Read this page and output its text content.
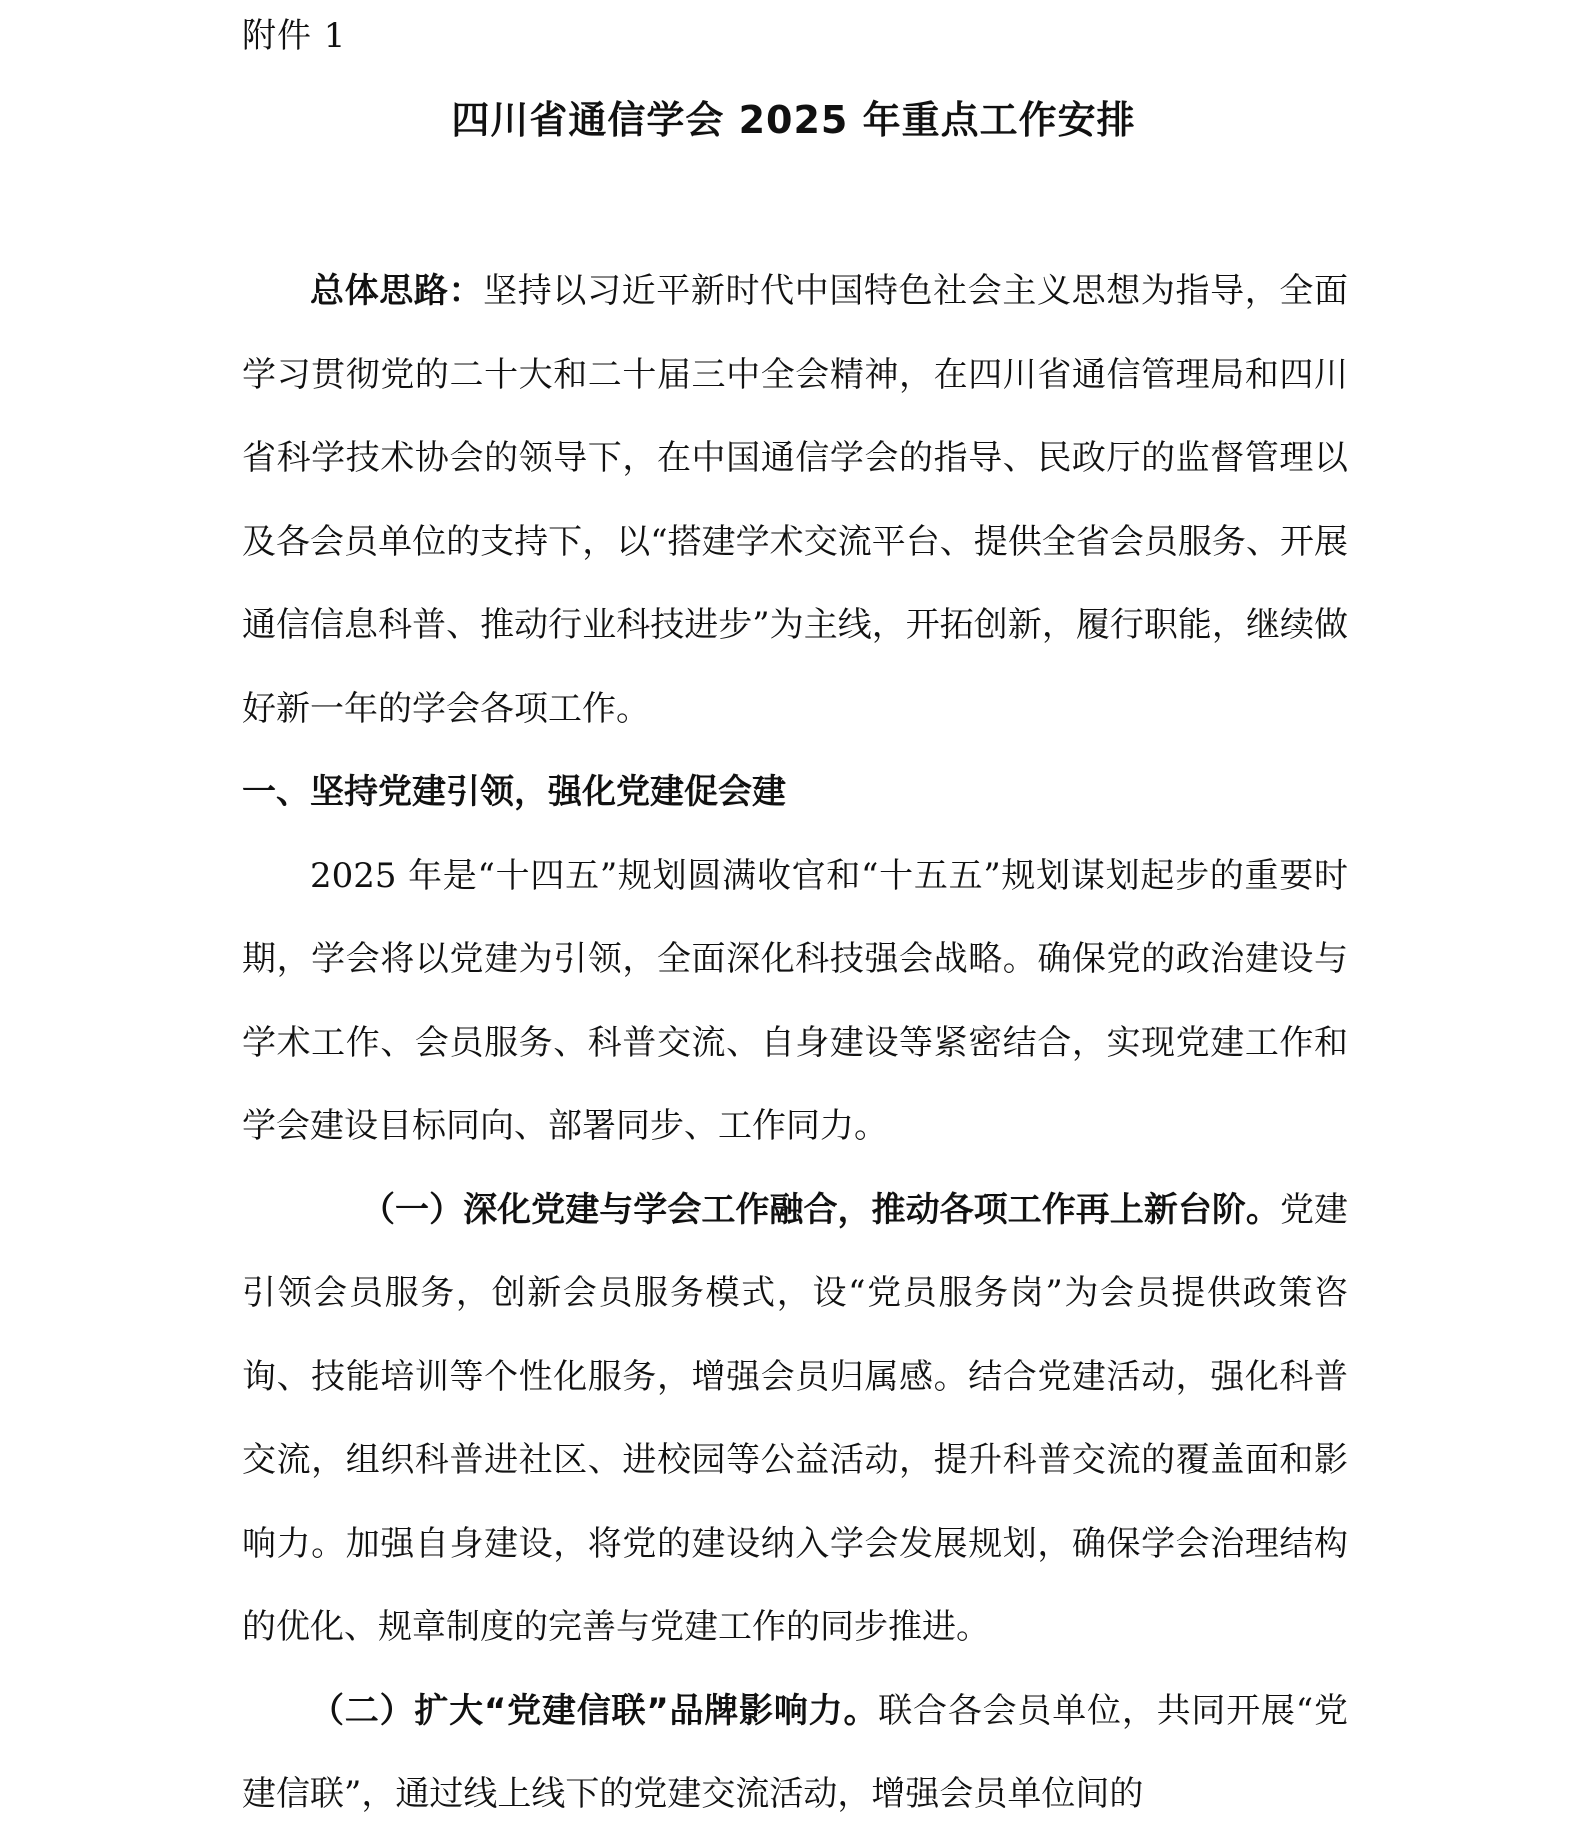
附件 1
四川省通信学会 2025 年重点工作安排

总体思路：坚持以习近平新时代中国特色社会主义思想为指导，全面学习贯彻党的二十大和二十届三中全会精神，在四川省通信管理局和四川省科学技术协会的领导下，在中国通信学会的指导、民政厅的监督管理以及各会员单位的支持下，以“搭建学术交流平台、提供全省会员服务、开展通信信息科普、推动行业科技进步”为主线，开拓创新，履行职能，继续做好新一年的学会各项工作。

一、坚持党建引领，强化党建促会建

2025 年是“十四五”规划圆满收官和“十五五”规划谋划起步的重要时期，学会将以党建为引领，全面深化科技强会战略。确保党的政治建设与学术工作、会员服务、科普交流、自身建设等紧密结合，实现党建工作和学会建设目标同向、部署同步、工作同力。

（一）深化党建与学会工作融合，推动各项工作再上新台阶。党建引领会员服务，创新会员服务模式，设“党员服务岗”为会员提供政策咨询、技能培训等个性化服务，增强会员归属感。结合党建活动，强化科普交流，组织科普进社区、进校园等公益活动，提升科普交流的覆盖面和影响力。加强自身建设，将党的建设纳入学会发展规划，确保学会治理结构的优化、规章制度的完善与党建工作的同步推进。

（二）扩大“党建信联”品牌影响力。联合各会员单位，共同开展“党建信联”，通过线上线下的党建交流活动，增强会员单位间的
